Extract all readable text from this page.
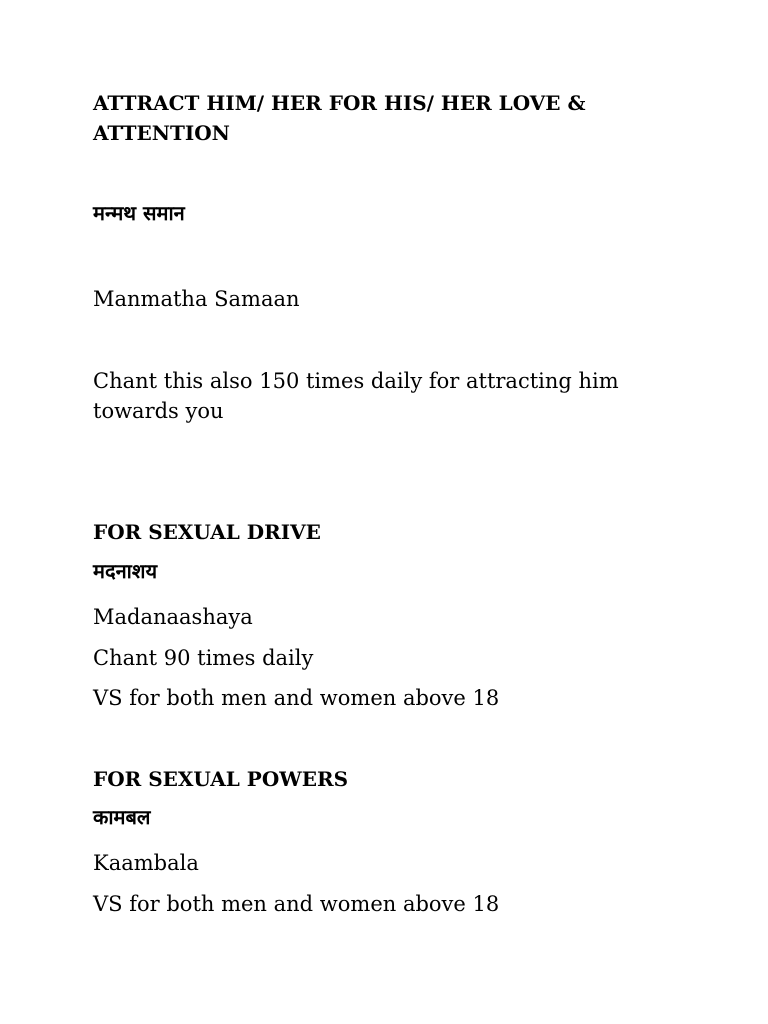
ATTRACT HIM/ HER FOR HIS/ HER LOVE &
ATTENTION
मन्मथ समान
Manmatha Samaan
Chant this also 150 times daily for attracting him
towards you
FOR SEXUAL DRIVE
मदनाशय
Madanaashaya
Chant 90 times daily
VS for both men and women above 18
FOR SEXUAL POWERS
कामबल
Kaambala
VS for both men and women above 18
